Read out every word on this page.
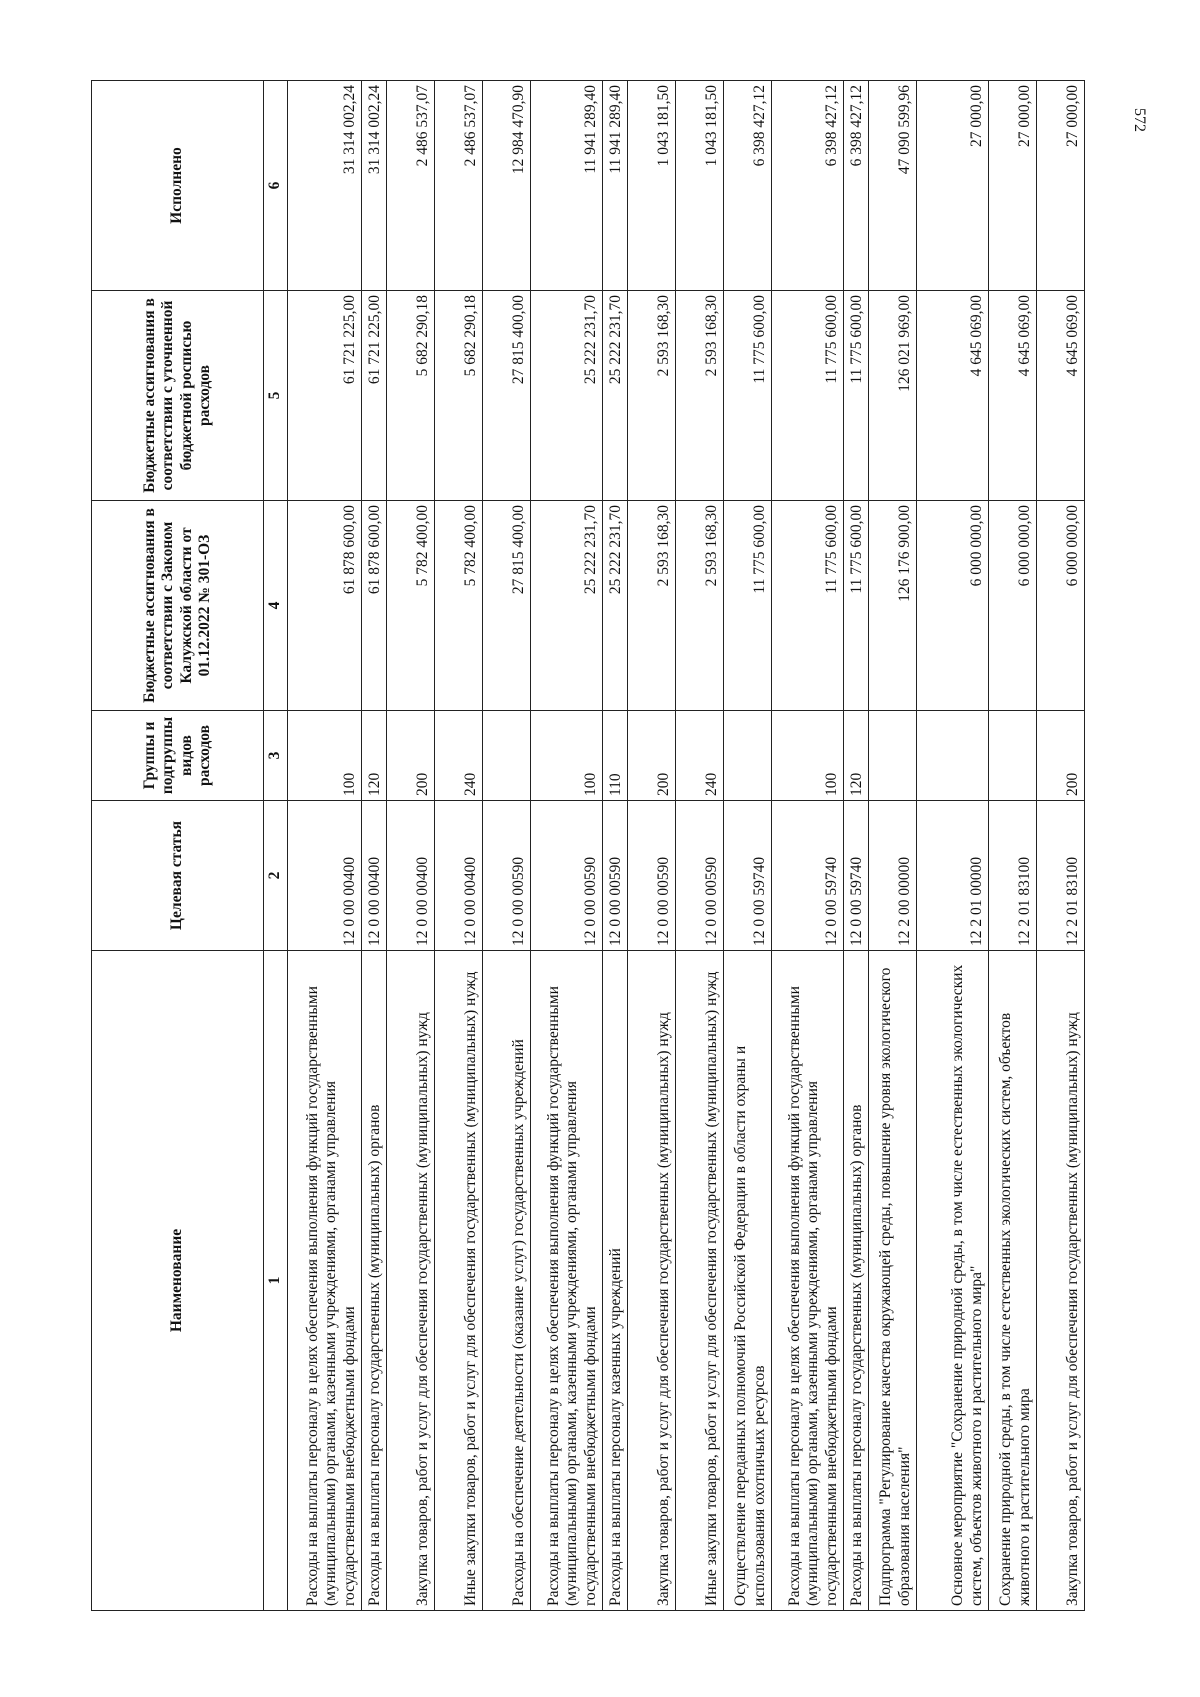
572
Наименование	Целевая статья	Группы и подгруппы видов расходов	Бюджетные ассигнования в соответствии с Законом Калужской области от 01.12.2022 № 301-ОЗ	Бюджетные ассигнования в соответствии с уточненной бюджетной росписью расходов	Исполнено
1	2	3	4	5	6
Расходы на выплаты персоналу в целях обеспечения выполнения функций государственными (муниципальными) органами, казенными учреждениями, органами управления государственными внебюджетными фондами	12 0 00 00400	100	61 878 600,00	61 721 225,00	31 314 002,24
Расходы на выплаты персоналу государственных (муниципальных) органов	12 0 00 00400	120	61 878 600,00	61 721 225,00	31 314 002,24
Закупка товаров, работ и услуг для обеспечения государственных (муниципальных) нужд	12 0 00 00400	200	5 782 400,00	5 682 290,18	2 486 537,07
Иные закупки товаров, работ и услуг для обеспечения государственных (муниципальных) нужд	12 0 00 00400	240	5 782 400,00	5 682 290,18	2 486 537,07
Расходы на обеспечение деятельности (оказание услуг) государственных учреждений	12 0 00 00590		27 815 400,00	27 815 400,00	12 984 470,90
Расходы на выплаты персоналу в целях обеспечения выполнения функций государственными (муниципальными) органами, казенными учреждениями, органами управления государственными внебюджетными фондами	12 0 00 00590	100	25 222 231,70	25 222 231,70	11 941 289,40
Расходы на выплаты персоналу казенных учреждений	12 0 00 00590	110	25 222 231,70	25 222 231,70	11 941 289,40
Закупка товаров, работ и услуг для обеспечения государственных (муниципальных) нужд	12 0 00 00590	200	2 593 168,30	2 593 168,30	1 043 181,50
Иные закупки товаров, работ и услуг для обеспечения государственных (муниципальных) нужд	12 0 00 00590	240	2 593 168,30	2 593 168,30	1 043 181,50
Осуществление переданных полномочий Российской Федерации в области охраны и использования охотничьих ресурсов	12 0 00 59740		11 775 600,00	11 775 600,00	6 398 427,12
Расходы на выплаты персоналу в целях обеспечения выполнения функций государственными (муниципальными) органами, казенными учреждениями, органами управления государственными внебюджетными фондами	12 0 00 59740	100	11 775 600,00	11 775 600,00	6 398 427,12
Расходы на выплаты персоналу государственных (муниципальных) органов	12 0 00 59740	120	11 775 600,00	11 775 600,00	6 398 427,12
Подпрограмма "Регулирование качества окружающей среды, повышение уровня экологического образования населения"	12 2 00 00000		126 176 900,00	126 021 969,00	47 090 599,96
Основное мероприятие "Сохранение природной среды, в том числе естественных экологических систем, объектов животного и растительного мира"	12 2 01 00000		6 000 000,00	4 645 069,00	27 000,00
Сохранение природной среды, в том числе естественных экологических систем, объектов животного и растительного мира	12 2 01 83100		6 000 000,00	4 645 069,00	27 000,00
Закупка товаров, работ и услуг для обеспечения государственных (муниципальных) нужд	12 2 01 83100	200	6 000 000,00	4 645 069,00	27 000,00
